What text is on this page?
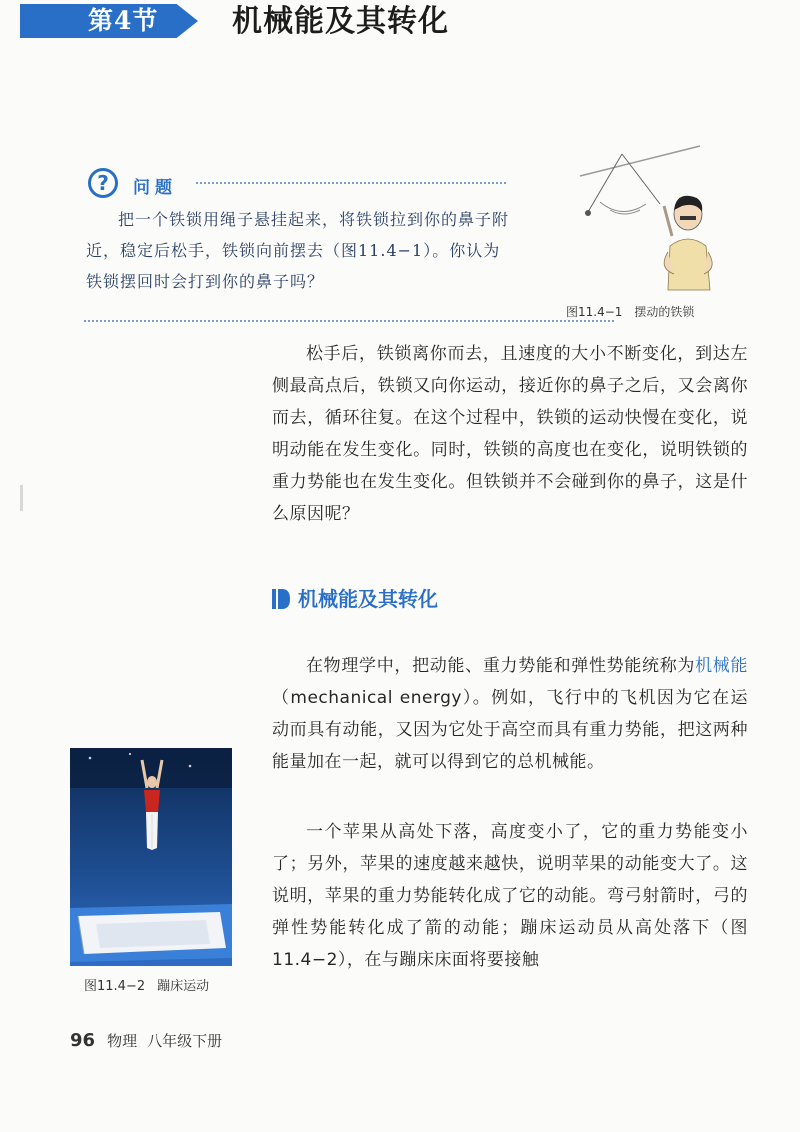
第4节 机械能及其转化
?	问题
把一个铁锁用绳子悬挂起来，将铁锁拉到你的鼻子附近，稳定后松手，铁锁向前摆去（图11.4−1）。你认为铁锁摆回时会打到你的鼻子吗？
图11.4−1 摆动的铁锁
松手后，铁锁离你而去，且速度的大小不断变化，到达左侧最高点后，铁锁又向你运动，接近你的鼻子之后，又会离你而去，循环往复。在这个过程中，铁锁的运动快慢在变化，说明动能在发生变化。同时，铁锁的高度也在变化，说明铁锁的重力势能也在发生变化。但铁锁并不会碰到你的鼻子，这是什么原因呢？
机械能及其转化
在物理学中，把动能、重力势能和弹性势能统称为机械能（mechanical energy）。例如，飞行中的飞机因为它在运动而具有动能，又因为它处于高空而具有重力势能，把这两种能量加在一起，就可以得到它的总机械能。
一个苹果从高处下落，高度变小了，它的重力势能变小了；另外，苹果的速度越来越快，说明苹果的动能变大了。这说明，苹果的重力势能转化成了它的动能。弯弓射箭时，弓的弹性势能转化成了箭的动能；蹦床运动员从高处落下（图11.4−2），在与蹦床床面将要接触
图11.4−2 蹦床运动
96 物理 八年级下册
